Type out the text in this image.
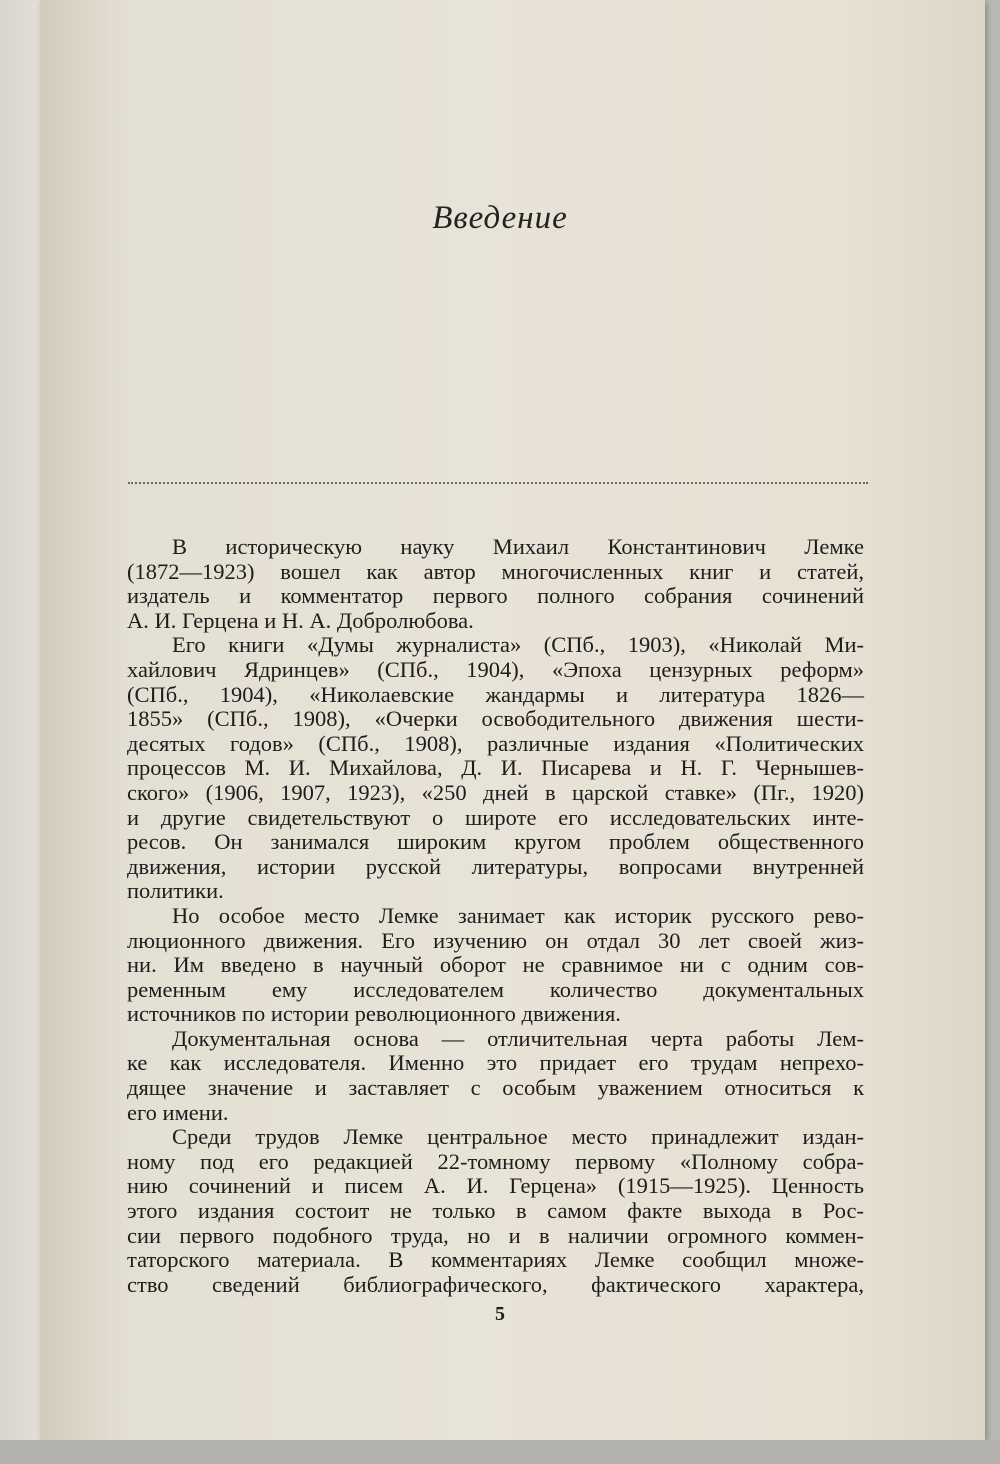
Введение

В историческую науку Михаил Константинович Лемке
(1872—1923) вошел как автор многочисленных книг и статей,
издатель и комментатор первого полного собрания сочинений
А. И. Герцена и Н. А. Добролюбова.

Его книги «Думы журналиста» (СПб., 1903), «Николай Ми-
хайлович Ядринцев» (СПб., 1904), «Эпоха цензурных реформ»
(СПб., 1904), «Николаевские жандармы и литература 1826—
1855» (СПб., 1908), «Очерки освободительного движения шести-
десятых годов» (СПб., 1908), различные издания «Политических
процессов М. И. Михайлова, Д. И. Писарева и Н. Г. Чернышев-
ского» (1906, 1907, 1923), «250 дней в царской ставке» (Пг., 1920)
и другие свидетельствуют о широте его исследовательских инте-
ресов. Он занимался широким кругом проблем общественного
движения, истории русской литературы, вопросами внутренней
политики.

Но особое место Лемке занимает как историк русского рево-
люционного движения. Его изучению он отдал 30 лет своей жиз-
ни. Им введено в научный оборот не сравнимое ни с одним сов-
ременным ему исследователем количество документальных
источников по истории революционного движения.

Документальная основа — отличительная черта работы Лем-
ке как исследователя. Именно это придает его трудам непрехо-
дящее значение и заставляет с особым уважением относиться к
его имени.

Среди трудов Лемке центральное место принадлежит издан-
ному под его редакцией 22-томному первому «Полному собра-
нию сочинений и писем А. И. Герцена» (1915—1925). Ценность
этого издания состоит не только в самом факте выхода в Рос-
сии первого подобного труда, но и в наличии огромного коммен-
таторского материала. В комментариях Лемке сообщил множе-
ство сведений библиографического, фактического характера,

5
